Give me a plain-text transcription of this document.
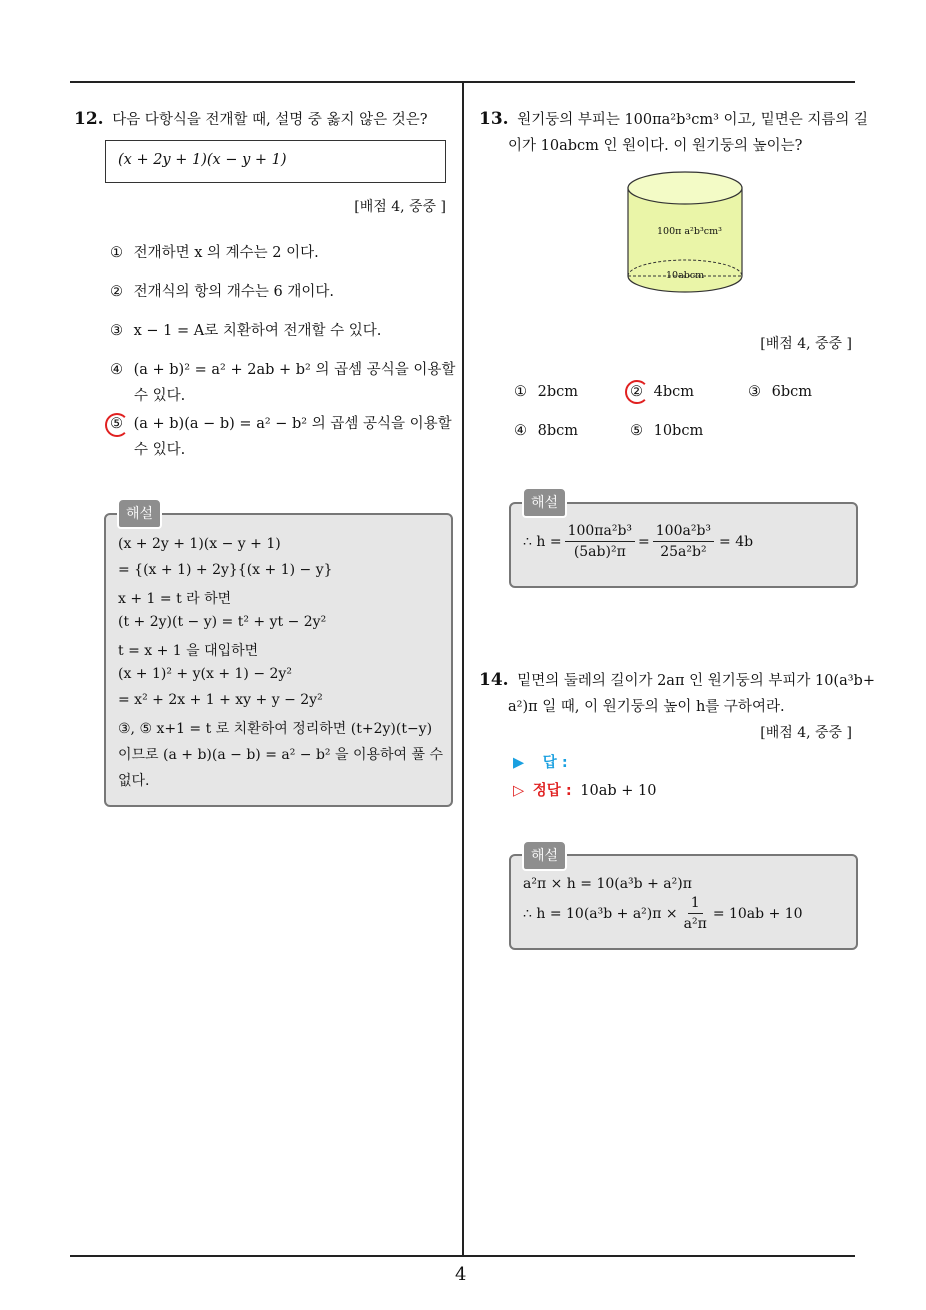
4
12. 다음 다항식을 전개할 때, 설명 중 옳지 않은 것은?
(x + 2y + 1)(x − y + 1)
[배점 4, 중중 ]
① 전개하면 x 의 계수는 2 이다.
② 전개식의 항의 개수는 6 개이다.
③ x − 1 = A로 치환하여 전개할 수 있다.
④ (a + b)² = a² + 2ab + b² 의 곱셈 공식을 이용할
수 있다.
⑤ (a + b)(a − b) = a² − b² 의 곱셈 공식을 이용할
수 있다.
(x + 2y + 1)(x − y + 1)
= {(x + 1) + 2y}{(x + 1) − y}
x + 1 = t 라 하면
(t + 2y)(t − y) = t² + yt − 2y²
t = x + 1 을 대입하면
(x + 1)² + y(x + 1) − 2y²
= x² + 2x + 1 + xy + y − 2y²
③, ⑤ x+1 = t 로 치환하여 정리하면 (t+2y)(t−y)
이므로 (a + b)(a − b) = a² − b² 을 이용하여 풀 수
없다.
해설
13. 원기둥의 부피는 100πa²b³cm³ 이고, 밑면은 지름의 길
이가 10abcm 인 원이다. 이 원기둥의 높이는?
100π a²b³cm³
10abcm
[배점 4, 중중 ]
① 2bcm	② 4bcm	③ 6bcm
④ 8bcm	⑤ 10bcm
∴ $h = \frac{\text{100πa²b³}}{\text{(5ab)²π}} = \frac{\text{100a²b³}}{\text{25a²b²}} = 4b$
해설
14. 밑면의 둘레의 길이가 2aπ 인 원기둥의 부피가 10(a³b+
a²)π 일 때, 이 원기둥의 높이 h를 구하여라.
[배점 4, 중중 ]
▶ 답 :
▷ 정답 : 10ab + 10
a²π × h = 10(a³b + a²)π
∴ $h = 10(a^3b + a^2)\pi \times \frac{1}{\text{a²π}} = 10ab + 10$
해설
